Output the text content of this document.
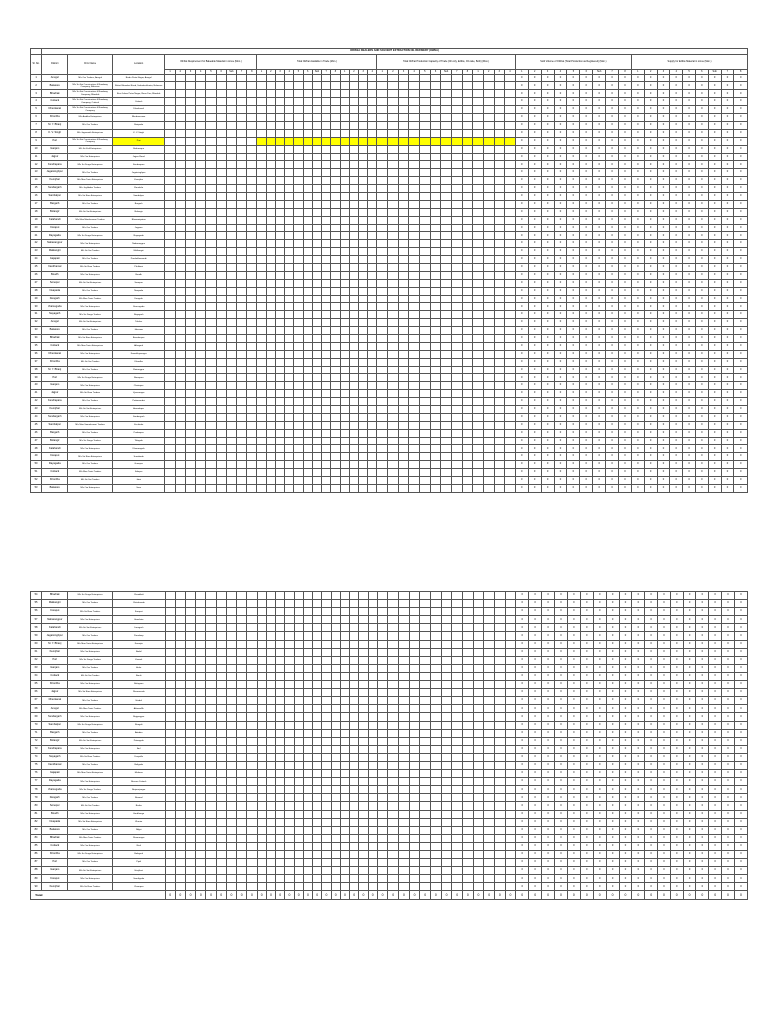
	ORISSA DEALERS AND SOLVENT EXTRACTION OIL REFINERY (OWEA)																																																							
Sl. No.	District	Firm Name	Location	Oil/Fat Requirement for Bakeable Material in tonne (Mon.)									Total Oil/Fat Available in Trade (Mon.)													Total Oil/Fat Production Capacity of Trade (Oil only, Edible, Oil cake, Both) (Mon.)													Sold Volume of Oil/Fat (Total Production as Registered) (Mon.)									Supply for Edible Material in tonne (Mon.)								
				1	2	3	4	5	6	Sub	7	8	1	2	3	4	5	6	Sub	7	8	1	2	3	4	1	2	3	4	5	6	Sub	7	8	1	2	3	4	1	2	3	4	5	6	Sub	7	8	1	2	3	4	5	6	Sub	7	8
1	Anugul	M/s Om Traders, Anugul	Bindu Prata Nagar, Anugul																																				0	0	0	0	0	0	0	0	0	0	0	0	0	0	0	0	0	0
2	Balasore	M/s Sri Sai Construction & Roadway Company, Balasore	Rahat Bhandari Road, Sahadevkhunta, Balasore																																				0	0	0	0	0	0	0	0	0	0	0	0	0	0	0	0	0	0
3	Bhadrak	M/s Sri Sai Construction & Roadway Company, Bhadrak	Rest Jahan Patra Nagar, Rene Dev, Bhadrak																																				0	0	0	0	0	0	0	0	0	0	0	0	0	0	0	0	0	0
4	Cuttack	M/s Sri Sai Construction & Roadway Company, Cuttack	Cuttack																																				0	0	0	0	0	0	0	0	0	0	0	0	0	0	0	0	0	0
5	Dhenkanal	M/s Sri Sai Construction & Roadway Company	Dhenkanal																																				0	0	0	0	0	0	0	0	0	0	0	0	0	0	0	0	0	0
6	Khordha	M/s Ambika Enterprises	Bhubaneswar																																				0	0	0	0	0	0	0	0	0	0	0	0	0	0	0	0	0	0
7	M. Y. Bhanj	M/s Om Traders	Baripada																																				0	0	0	0	0	0	0	0	0	0	0	0	0	0	0	0	0	0
8	K. V. Singh	M/s Jagannath Enterprises	K. V. Singh																																				0	0	0	0	0	0	0	0	0	0	0	0	0	0	0	0	0	0
9	Puri	M/s Sri Sai Construction & Roadway Company	Puri																																				0	0	0	0	0	0	0	0	0	0	0	0	0	0	0	0	0	0
10	Ganjam	M/s Sri Kali Enterprises	Berhampur																																				0	0	0	0	0	0	0	0	0	0	0	0	0	0	0	0	0	0
11	Jajpur	M/s Om Enterprises	Jajpur Road																																				0	0	0	0	0	0	0	0	0	0	0	0	0	0	0	0	0	0
12	Kendrapara	M/s Sri Durga Enterprises	Kendrapara																																				0	0	0	0	0	0	0	0	0	0	0	0	0	0	0	0	0	0
13	Jagatsinghpur	M/s Om Traders	Jagatsinghpur																																				0	0	0	0	0	0	0	0	0	0	0	0	0	0	0	0	0	0
14	Keonjhar	M/s Maa Tarini Enterprises	Keonjhar																																				0	0	0	0	0	0	0	0	0	0	0	0	0	0	0	0	0	0
15	Sundargarh	M/s Jay Ambe Traders	Rourkela																																				0	0	0	0	0	0	0	0	0	0	0	0	0	0	0	0	0	0
16	Sambalpur	M/s Sri Ram Enterprises	Sambalpur																																				0	0	0	0	0	0	0	0	0	0	0	0	0	0	0	0	0	0
17	Bargarh	M/s Om Traders	Bargarh																																				0	0	0	0	0	0	0	0	0	0	0	0	0	0	0	0	0	0
18	Bolangir	M/s Sri Sai Enterprises	Bolangir																																				0	0	0	0	0	0	0	0	0	0	0	0	0	0	0	0	0	0
19	Kalahandi	M/s Maa Manikeswari Traders	Bhawanipatna																																				0	0	0	0	0	0	0	0	0	0	0	0	0	0	0	0	0	0
20	Koraput	M/s Om Traders	Jeypore																																				0	0	0	0	0	0	0	0	0	0	0	0	0	0	0	0	0	0
21	Rayagada	M/s Sri Durga Enterprises	Rayagada																																				0	0	0	0	0	0	0	0	0	0	0	0	0	0	0	0	0	0
22	Nabarangpur	M/s Om Enterprises	Nabarangpur																																				0	0	0	0	0	0	0	0	0	0	0	0	0	0	0	0	0	0
23	Malkangiri	M/s Sri Sai Traders	Malkangiri																																				0	0	0	0	0	0	0	0	0	0	0	0	0	0	0	0	0	0
24	Gajapati	M/s Om Traders	Paralakhemundi																																				0	0	0	0	0	0	0	0	0	0	0	0	0	0	0	0	0	0
25	Kandhamal	M/s Sri Ram Traders	Phulbani																																				0	0	0	0	0	0	0	0	0	0	0	0	0	0	0	0	0	0
26	Boudh	M/s Om Enterprises	Boudh																																				0	0	0	0	0	0	0	0	0	0	0	0	0	0	0	0	0	0
27	Sonepur	M/s Sri Sai Enterprises	Sonepur																																				0	0	0	0	0	0	0	0	0	0	0	0	0	0	0	0	0	0
28	Nuapada	M/s Om Traders	Nuapada																																				0	0	0	0	0	0	0	0	0	0	0	0	0	0	0	0	0	0
29	Deogarh	M/s Maa Tarini Traders	Deogarh																																				0	0	0	0	0	0	0	0	0	0	0	0	0	0	0	0	0	0
30	Jharsuguda	M/s Om Enterprises	Jharsuguda																																				0	0	0	0	0	0	0	0	0	0	0	0	0	0	0	0	0	0
31	Nayagarh	M/s Sri Durga Traders	Nayagarh																																				0	0	0	0	0	0	0	0	0	0	0	0	0	0	0	0	0	0
32	Anugul	M/s Sri Sai Enterprises	Talcher																																				0	0	0	0	0	0	0	0	0	0	0	0	0	0	0	0	0	0
33	Balasore	M/s Om Traders	Jaleswar																																				0	0	0	0	0	0	0	0	0	0	0	0	0	0	0	0	0	0
34	Bhadrak	M/s Sri Ram Enterprises	Basudevpur																																				0	0	0	0	0	0	0	0	0	0	0	0	0	0	0	0	0	0
35	Cuttack	M/s Maa Tarini Enterprises	Athagarh																																				0	0	0	0	0	0	0	0	0	0	0	0	0	0	0	0	0	0
36	Dhenkanal	M/s Om Enterprises	Kamakhyanagar																																				0	0	0	0	0	0	0	0	0	0	0	0	0	0	0	0	0	0
37	Khordha	M/s Sri Sai Traders	Khordha																																				0	0	0	0	0	0	0	0	0	0	0	0	0	0	0	0	0	0
38	M. Y. Bhanj	M/s Om Traders	Rairangpur																																				0	0	0	0	0	0	0	0	0	0	0	0	0	0	0	0	0	0
39	Puri	M/s Sri Durga Enterprises	Nimapara																																				0	0	0	0	0	0	0	0	0	0	0	0	0	0	0	0	0	0
40	Ganjam	M/s Om Enterprises	Chatrapur																																				0	0	0	0	0	0	0	0	0	0	0	0	0	0	0	0	0	0
41	Jajpur	M/s Sri Ram Traders	Vyasanagar																																				0	0	0	0	0	0	0	0	0	0	0	0	0	0	0	0	0	0
42	Kendrapara	M/s Om Traders	Pattamundai																																				0	0	0	0	0	0	0	0	0	0	0	0	0	0	0	0	0	0
43	Keonjhar	M/s Sri Sai Enterprises	Anandapur																																				0	0	0	0	0	0	0	0	0	0	0	0	0	0	0	0	0	0
44	Sundargarh	M/s Om Enterprises	Sundargarh																																				0	0	0	0	0	0	0	0	0	0	0	0	0	0	0	0	0	0
45	Sambalpur	M/s Maa Samaleswari Traders	Kuchinda																																				0	0	0	0	0	0	0	0	0	0	0	0	0	0	0	0	0	0
46	Bargarh	M/s Om Traders	Padampur																																				0	0	0	0	0	0	0	0	0	0	0	0	0	0	0	0	0	0
47	Bolangir	M/s Sri Durga Traders	Titlagarh																																				0	0	0	0	0	0	0	0	0	0	0	0	0	0	0	0	0	0
48	Kalahandi	M/s Om Enterprises	Dharamgarh																																				0	0	0	0	0	0	0	0	0	0	0	0	0	0	0	0	0	0
49	Koraput	M/s Sri Ram Enterprises	Sunabeda																																				0	0	0	0	0	0	0	0	0	0	0	0	0	0	0	0	0	0
50	Rayagada	M/s Om Traders	Gunupur																																				0	0	0	0	0	0	0	0	0	0	0	0	0	0	0	0	0	0
51	Cuttack	M/s Maa Tarini Traders	Salepur																																				0	0	0	0	0	0	0	0	0	0	0	0	0	0	0	0	0	0
52	Khordha	M/s Sri Sai Traders	Jatni																																				0	0	0	0	0	0	0	0	0	0	0	0	0	0	0	0	0	0
53	Balasore	M/s Om Enterprises	Soro																																				0	0	0	0	0	0	0	0	0	0	0	0	0	0	0	0	0	0
54	Bhadrak	M/s Sri Durga Enterprises	Chandbali																																				0	0	0	0	0	0	0	0	0	0	0	0	0	0	0	0	0	0
55	Malkangiri	M/s Om Traders	Chitrakonda																																				0	0	0	0	0	0	0	0	0	0	0	0	0	0	0	0	0	0
56	Koraput	M/s Sri Ram Traders	Koraput																																				0	0	0	0	0	0	0	0	0	0	0	0	0	0	0	0	0	0
57	Nabarangpur	M/s Om Enterprises	Umerkote																																				0	0	0	0	0	0	0	0	0	0	0	0	0	0	0	0	0	0
58	Kalahandi	M/s Sri Sai Enterprises	Junagarh																																				0	0	0	0	0	0	0	0	0	0	0	0	0	0	0	0	0	0
59	Jagatsinghpur	M/s Om Traders	Paradeep																																				0	0	0	0	0	0	0	0	0	0	0	0	0	0	0	0	0	0
60	M. Y. Bhanj	M/s Maa Tarini Enterprises	Karanjia																																				0	0	0	0	0	0	0	0	0	0	0	0	0	0	0	0	0	0
61	Keonjhar	M/s Om Enterprises	Barbil																																				0	0	0	0	0	0	0	0	0	0	0	0	0	0	0	0	0	0
62	Puri	M/s Sri Durga Traders	Konark																																				0	0	0	0	0	0	0	0	0	0	0	0	0	0	0	0	0	0
63	Ganjam	M/s Om Traders	Aska																																				0	0	0	0	0	0	0	0	0	0	0	0	0	0	0	0	0	0
64	Cuttack	M/s Sri Sai Traders	Banki																																				0	0	0	0	0	0	0	0	0	0	0	0	0	0	0	0	0	0
65	Khordha	M/s Om Enterprises	Balugaon																																				0	0	0	0	0	0	0	0	0	0	0	0	0	0	0	0	0	0
66	Jajpur	M/s Sri Ram Enterprises	Dharmasala																																				0	0	0	0	0	0	0	0	0	0	0	0	0	0	0	0	0	0
67	Dhenkanal	M/s Om Traders	Hindol																																				0	0	0	0	0	0	0	0	0	0	0	0	0	0	0	0	0	0
68	Anugul	M/s Maa Tarini Traders	Athamallik																																				0	0	0	0	0	0	0	0	0	0	0	0	0	0	0	0	0	0
69	Sundargarh	M/s Om Enterprises	Rajgangpur																																				0	0	0	0	0	0	0	0	0	0	0	0	0	0	0	0	0	0
70	Sambalpur	M/s Sri Durga Enterprises	Rengali																																				0	0	0	0	0	0	0	0	0	0	0	0	0	0	0	0	0	0
71	Bargarh	M/s Om Traders	Attabira																																				0	0	0	0	0	0	0	0	0	0	0	0	0	0	0	0	0	0
72	Bolangir	M/s Sri Sai Enterprises	Patnagarh																																				0	0	0	0	0	0	0	0	0	0	0	0	0	0	0	0	0	0
73	Kendrapara	M/s Om Enterprises	Aul																																				0	0	0	0	0	0	0	0	0	0	0	0	0	0	0	0	0	0
74	Nayagarh	M/s Sri Ram Traders	Daspalla																																				0	0	0	0	0	0	0	0	0	0	0	0	0	0	0	0	0	0
75	Kandhamal	M/s Om Traders	Baliguda																																				0	0	0	0	0	0	0	0	0	0	0	0	0	0	0	0	0	0
76	Gajapati	M/s Maa Tarini Enterprises	Mohana																																				0	0	0	0	0	0	0	0	0	0	0	0	0	0	0	0	0	0
77	Rayagada	M/s Om Enterprises	Bissam Cuttack																																				0	0	0	0	0	0	0	0	0	0	0	0	0	0	0	0	0	0
78	Jharsuguda	M/s Sri Durga Traders	Brajarajnagar																																				0	0	0	0	0	0	0	0	0	0	0	0	0	0	0	0	0	0
79	Deogarh	M/s Om Traders	Reamal																																				0	0	0	0	0	0	0	0	0	0	0	0	0	0	0	0	0	0
80	Sonepur	M/s Sri Sai Traders	Binika																																				0	0	0	0	0	0	0	0	0	0	0	0	0	0	0	0	0	0
81	Boudh	M/s Om Enterprises	Harbhanga																																				0	0	0	0	0	0	0	0	0	0	0	0	0	0	0	0	0	0
82	Nuapada	M/s Sri Ram Enterprises	Khariar																																				0	0	0	0	0	0	0	0	0	0	0	0	0	0	0	0	0	0
83	Balasore	M/s Om Traders	Nilgiri																																				0	0	0	0	0	0	0	0	0	0	0	0	0	0	0	0	0	0
84	Bhadrak	M/s Maa Tarini Traders	Dhamnagar																																				0	0	0	0	0	0	0	0	0	0	0	0	0	0	0	0	0	0
85	Cuttack	M/s Om Enterprises	Niali																																				0	0	0	0	0	0	0	0	0	0	0	0	0	0	0	0	0	0
86	Khordha	M/s Sri Durga Enterprises	Bolagarh																																				0	0	0	0	0	0	0	0	0	0	0	0	0	0	0	0	0	0
87	Puri	M/s Om Traders	Pipili																																				0	0	0	0	0	0	0	0	0	0	0	0	0	0	0	0	0	0
88	Ganjam	M/s Sri Sai Enterprises	Hinjilicut																																				0	0	0	0	0	0	0	0	0	0	0	0	0	0	0	0	0	0
89	Koraput	M/s Om Enterprises	Semiliguda																																				0	0	0	0	0	0	0	0	0	0	0	0	0	0	0	0	0	0
90	Keonjhar	M/s Sri Ram Traders	Champua																																				0	0	0	0	0	0	0	0	0	0	0	0	0	0	0	0	0	0
Total				0	0	0	0	0	0	0	0	0	0	0	0	0	0	0	0	0	0	0	0	0	0	0	0	0	0	0	0	0	0	0	0	0	0	0	0	0	0	0	0	0	0	0	0	0	0	0	0	0	0	0	0	0
